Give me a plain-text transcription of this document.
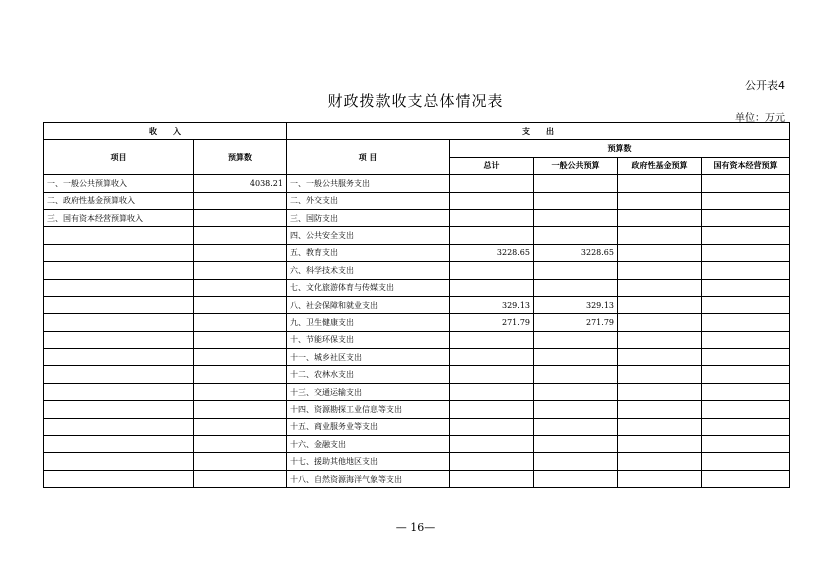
公开表4
财政拨款收支总体情况表
单位：万元
收　　入		支　　出				
项目	预算数	项 目	预算数			
			总计	一般公共预算	政府性基金预算	国有资本经营预算
一、一般公共预算收入	4038.21	一、一般公共服务支出				
二、政府性基金预算收入		二、外交支出				
三、国有资本经营预算收入		三、国防支出				
		四、公共安全支出				
		五、教育支出	3228.65	3228.65		
		六、科学技术支出				
		七、文化旅游体育与传媒支出				
		八、社会保障和就业支出	329.13	329.13		
		九、卫生健康支出	271.79	271.79		
		十、节能环保支出				
		十一、城乡社区支出				
		十二、农林水支出				
		十三、交通运输支出				
		十四、资源勘探工业信息等支出				
		十五、商业服务业等支出				
		十六、金融支出				
		十七、援助其他地区支出				
		十八、自然资源海洋气象等支出				
— 16—
